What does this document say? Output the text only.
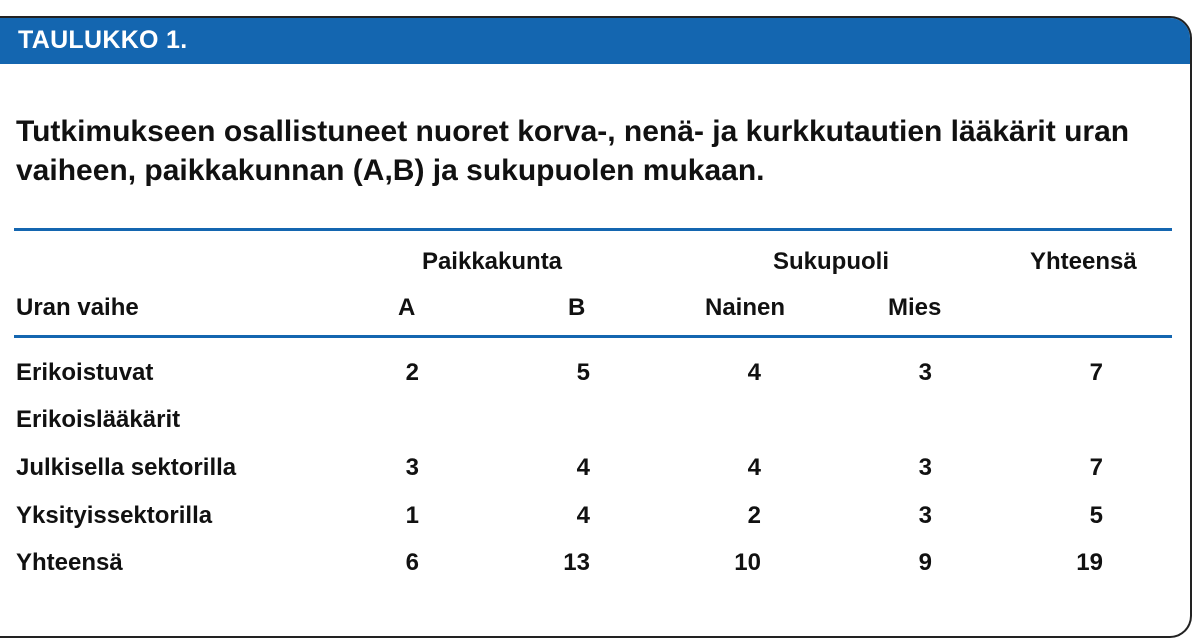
TAULUKKO 1.
Tutkimukseen osallistuneet nuoret korva-, nenä- ja kurkkutautien lääkärit uran vaiheen, paikkakunnan (A,B) ja sukupuolen mukaan.
Paikkakunta	Sukupuoli	Yhteensä
Uran vaihe	A	B	Nainen	Mies
Erikoistuvat	2	5	4	3	7
Erikoislääkärit
Julkisella sektorilla	3	4	4	3	7
Yksityissektorilla	1	4	2	3	5
Yhteensä	6	13	10	9	19
